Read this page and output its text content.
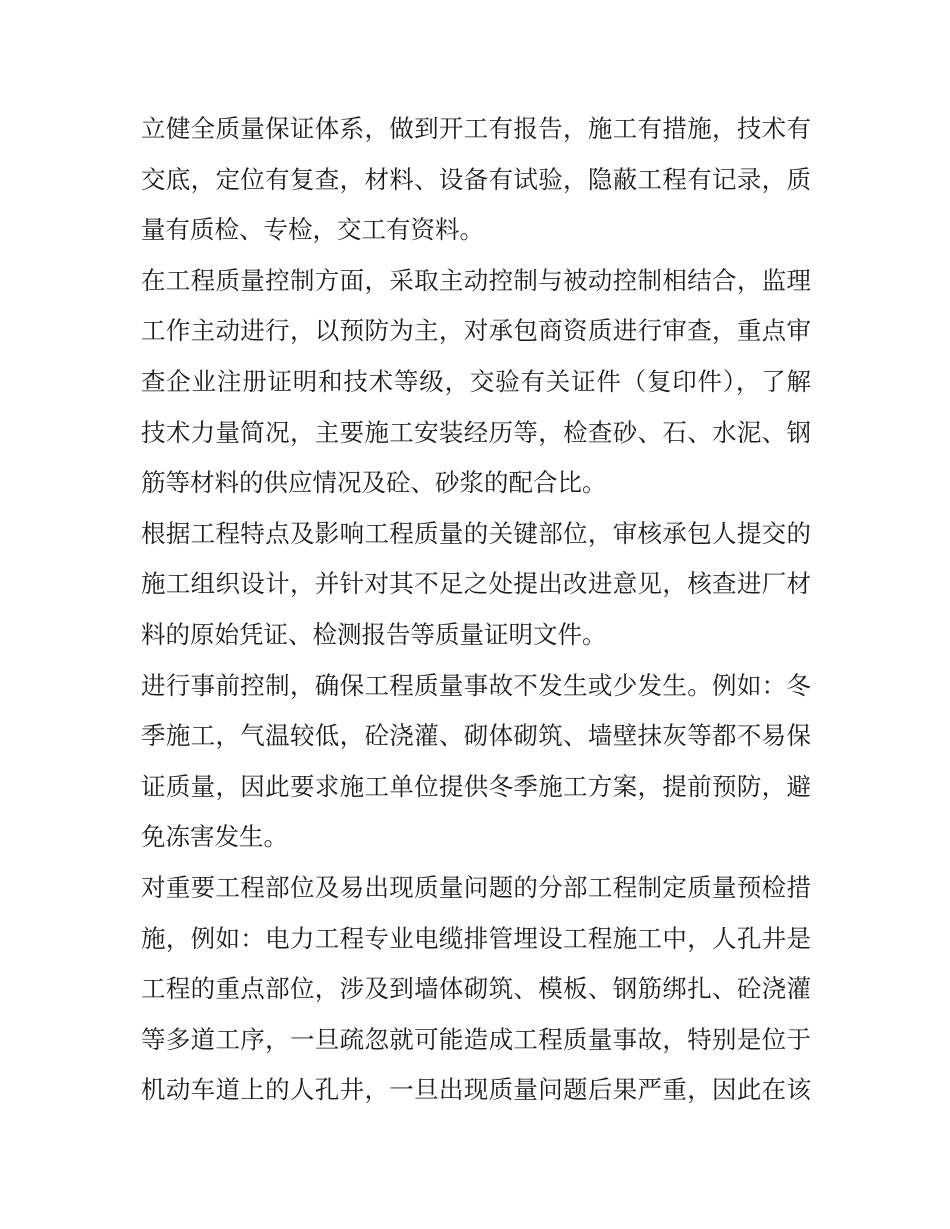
立健全质量保证体系，做到开工有报告，施工有措施，技术有
交底，定位有复查，材料、设备有试验，隐蔽工程有记录，质
量有质检、专检，交工有资料。
在工程质量控制方面，采取主动控制与被动控制相结合，监理
工作主动进行，以预防为主，对承包商资质进行审查，重点审
查企业注册证明和技术等级，交验有关证件（复印件），了解
技术力量简况，主要施工安装经历等，检查砂、石、水泥、钢
筋等材料的供应情况及砼、砂浆的配合比。
根据工程特点及影响工程质量的关键部位，审核承包人提交的
施工组织设计，并针对其不足之处提出改进意见，核查进厂材
料的原始凭证、检测报告等质量证明文件。
进行事前控制，确保工程质量事故不发生或少发生。例如：冬
季施工，气温较低，砼浇灌、砌体砌筑、墙壁抹灰等都不易保
证质量，因此要求施工单位提供冬季施工方案，提前预防，避
免冻害发生。
对重要工程部位及易出现质量问题的分部工程制定质量预检措
施，例如：电力工程专业电缆排管埋设工程施工中，人孔井是
工程的重点部位，涉及到墙体砌筑、模板、钢筋绑扎、砼浇灌
等多道工序，一旦疏忽就可能造成工程质量事故，特别是位于
机动车道上的人孔井，一旦出现质量问题后果严重，因此在该
